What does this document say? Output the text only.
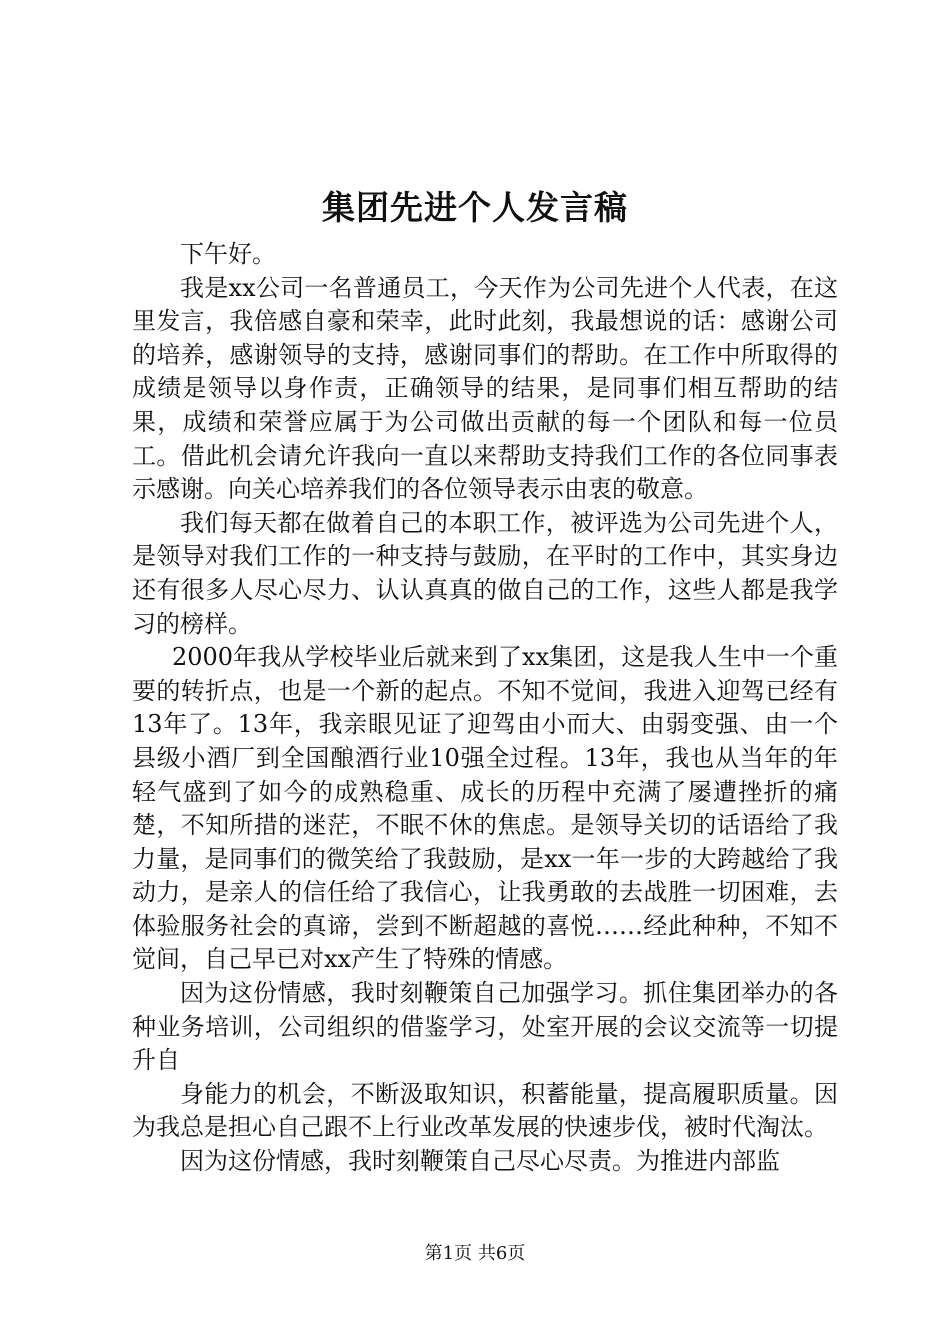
集团先进个人发言稿

下午好。

我是xx公司一名普通员工，今天作为公司先进个人代表，在这里发言，我倍感自豪和荣幸，此时此刻，我最想说的话：感谢公司的培养，感谢领导的支持，感谢同事们的帮助。在工作中所取得的成绩是领导以身作责，正确领导的结果，是同事们相互帮助的结果，成绩和荣誉应属于为公司做出贡献的每一个团队和每一位员工。借此机会请允许我向一直以来帮助支持我们工作的各位同事表示感谢。向关心培养我们的各位领导表示由衷的敬意。

我们每天都在做着自己的本职工作，被评选为公司先进个人，是领导对我们工作的一种支持与鼓励，在平时的工作中，其实身边还有很多人尽心尽力、认认真真的做自己的工作，这些人都是我学习的榜样。

2000年我从学校毕业后就来到了xx集团，这是我人生中一个重要的转折点，也是一个新的起点。不知不觉间，我进入迎驾已经有13年了。13年，我亲眼见证了迎驾由小而大、由弱变强、由一个县级小酒厂到全国酿酒行业10强全过程。13年，我也从当年的年轻气盛到了如今的成熟稳重、成长的历程中充满了屡遭挫折的痛楚，不知所措的迷茫，不眠不休的焦虑。是领导关切的话语给了我力量，是同事们的微笑给了我鼓励，是xx一年一步的大跨越给了我动力，是亲人的信任给了我信心，让我勇敢的去战胜一切困难，去体验服务社会的真谛，尝到不断超越的喜悦……经此种种，不知不觉间，自己早已对xx产生了特殊的情感。

因为这份情感，我时刻鞭策自己加强学习。抓住集团举办的各种业务培训，公司组织的借鉴学习，处室开展的会议交流等一切提升自

身能力的机会，不断汲取知识，积蓄能量，提高履职质量。因为我总是担心自己跟不上行业改革发展的快速步伐，被时代淘汰。

因为这份情感，我时刻鞭策自己尽心尽责。为推进内部监

第1页 共6页
